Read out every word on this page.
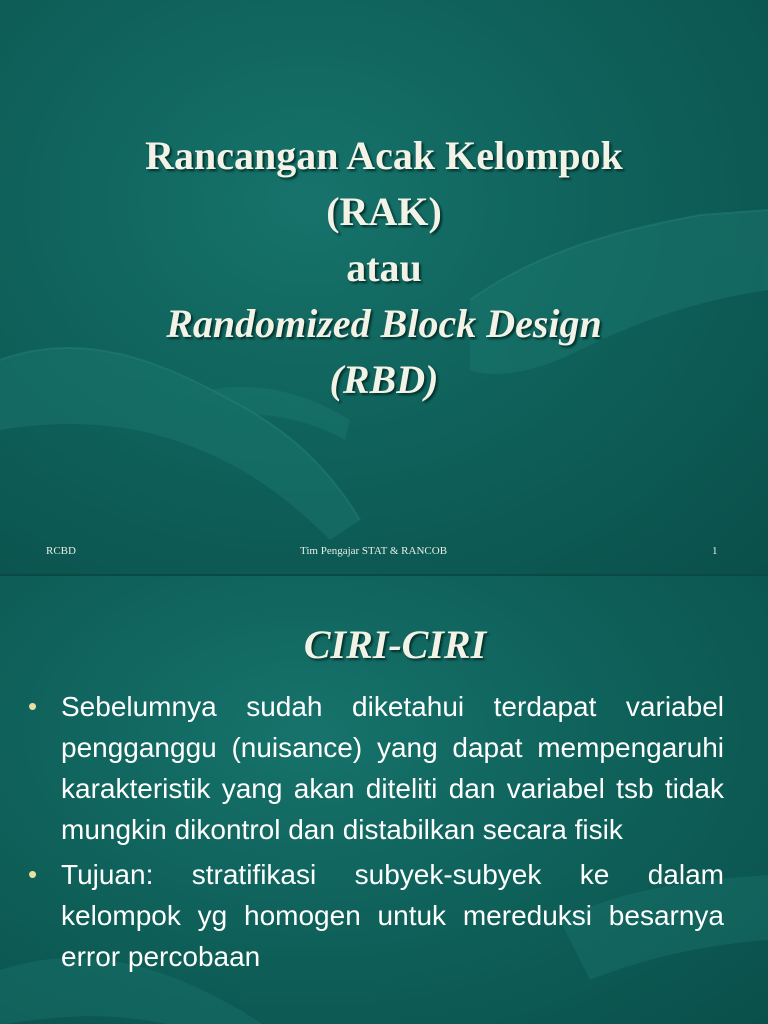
Rancangan Acak Kelompok
(RAK)
atau
Randomized Block Design
(RBD)
RCBD	Tim Pengajar STAT & RANCOB	1
CIRI-CIRI
• Sebelumnya sudah diketahui terdapat variabel pengganggu (nuisance) yang dapat mempengaruhi karakteristik yang akan diteliti dan variabel tsb tidak mungkin dikontrol dan distabilkan secara fisik
• Tujuan: stratifikasi subyek-subyek ke dalam kelompok yg homogen untuk mereduksi besarnya error percobaan
